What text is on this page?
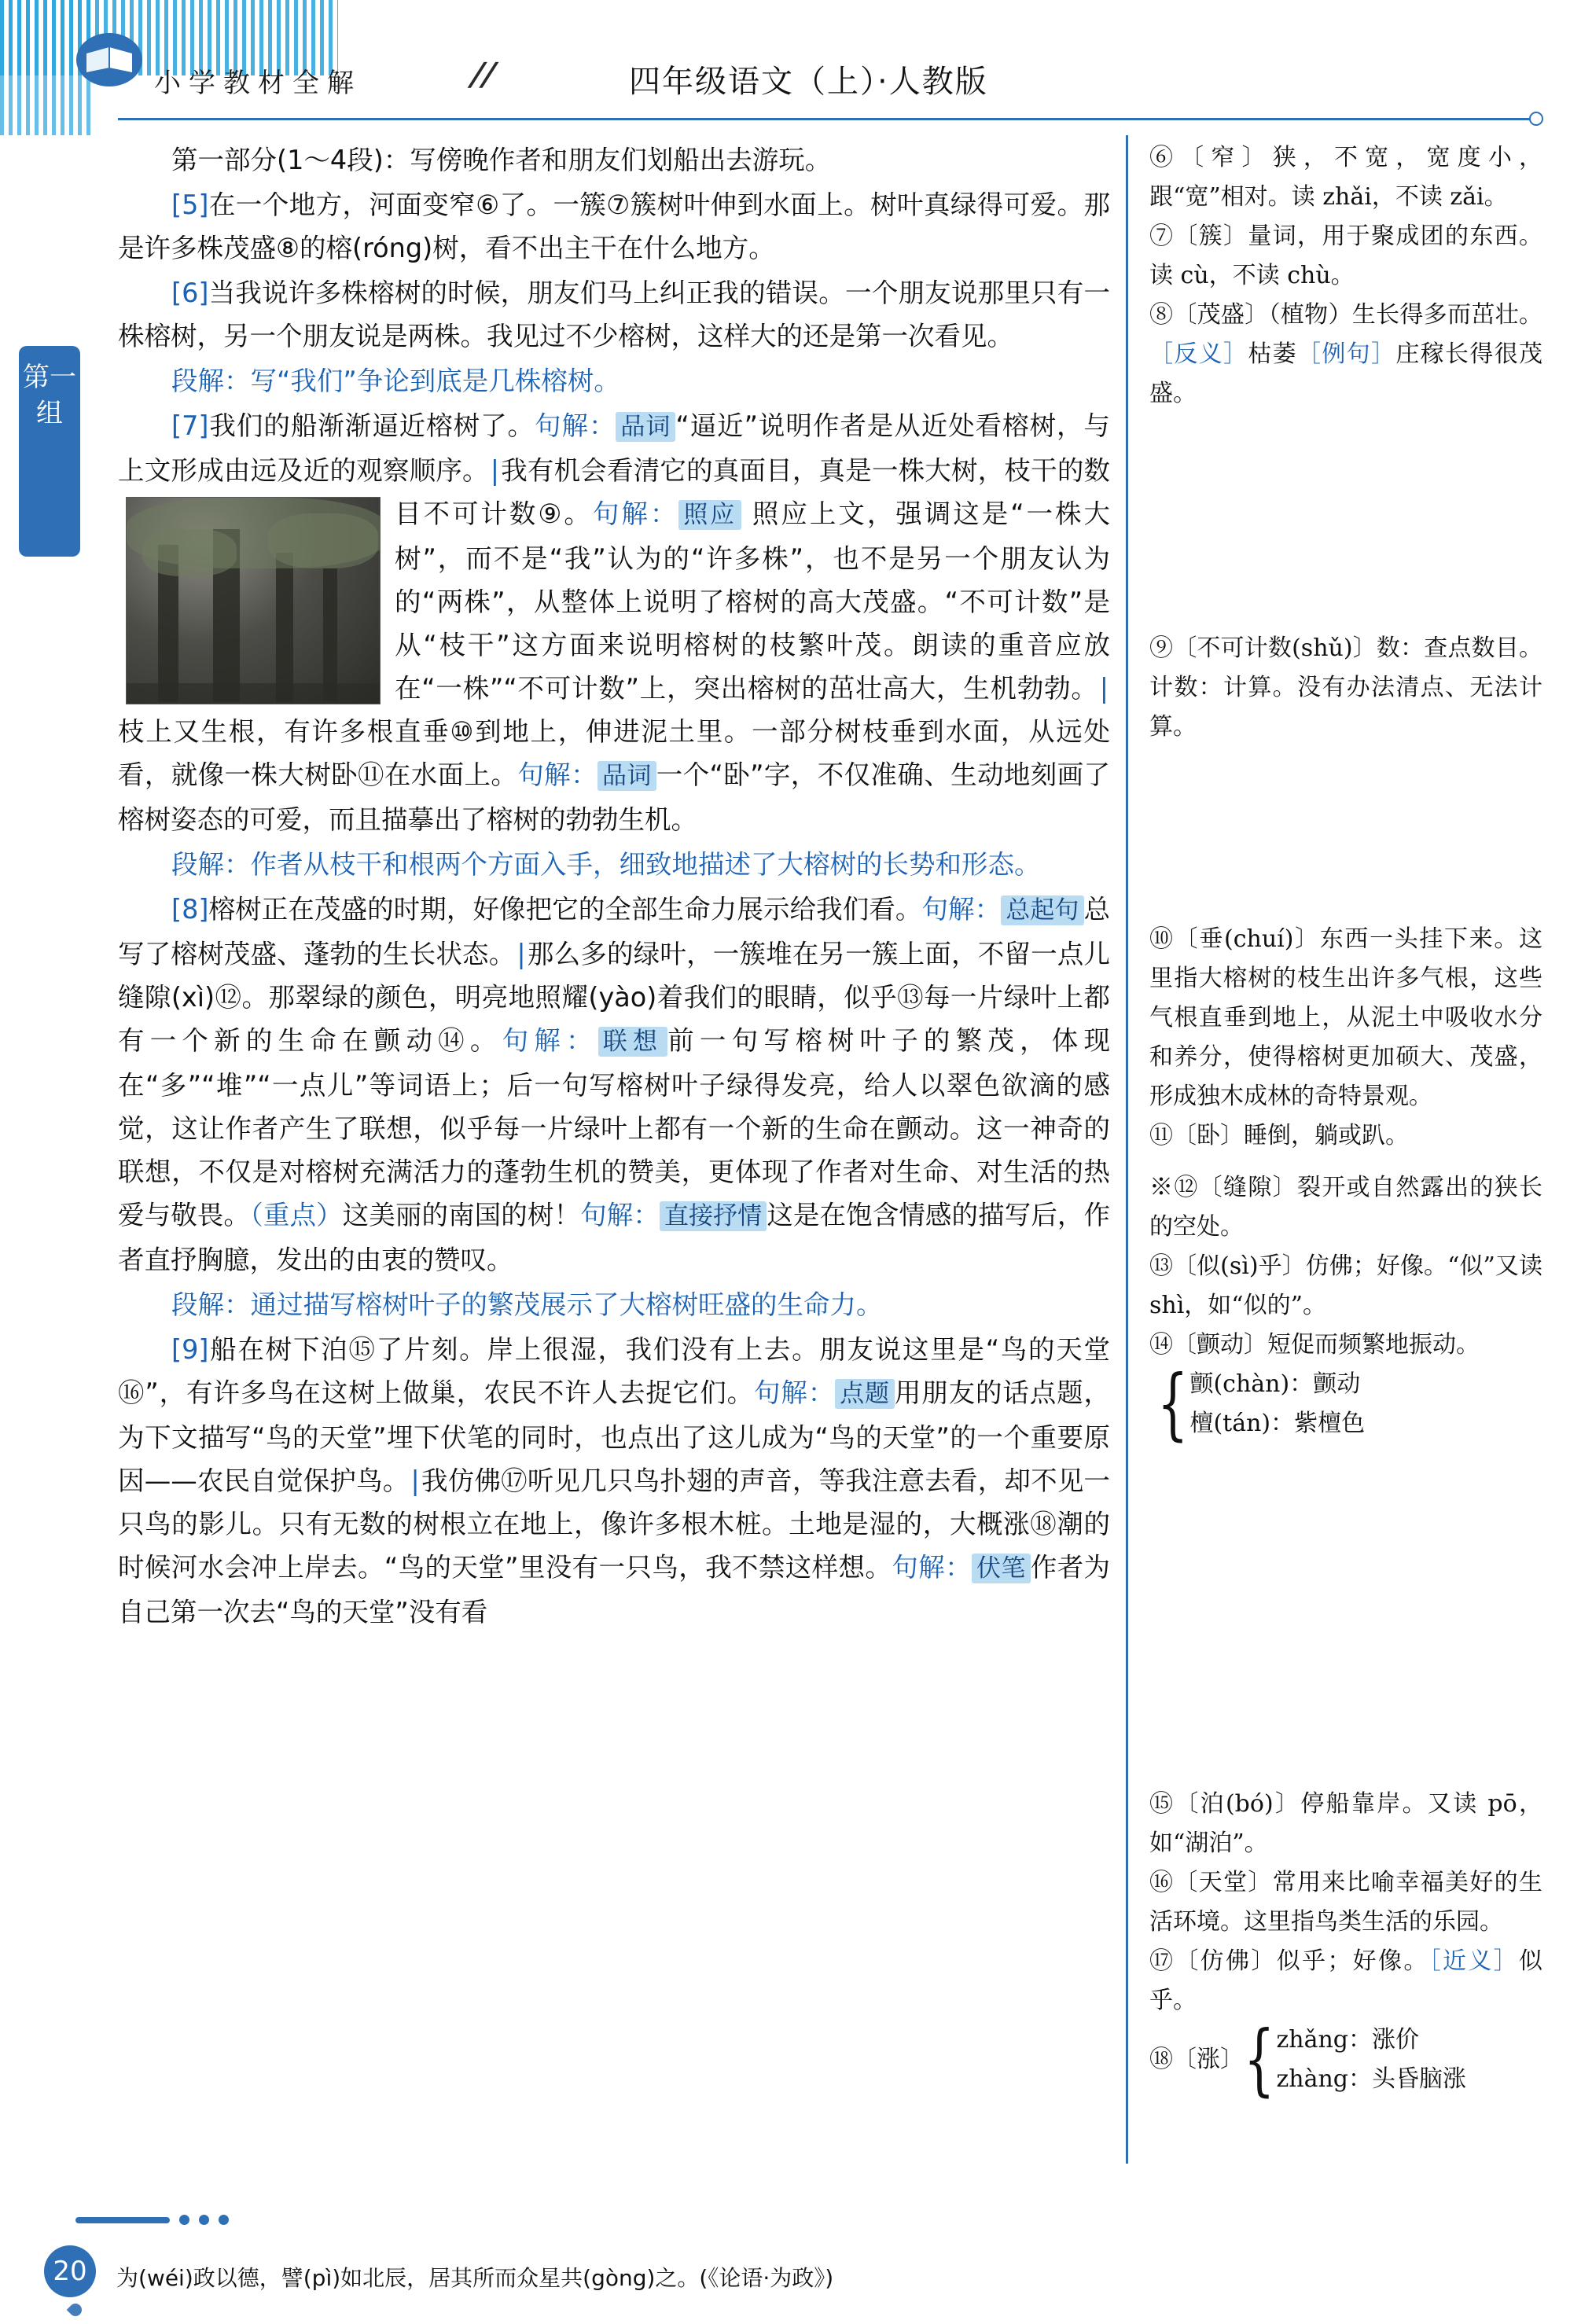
小学教材全解	//	四年级语文（上）·人教版
第一组

第一部分(1～4段)：写傍晚作者和朋友们划船出去游玩。

[5]在一个地方，河面变窄⑥了。一簇⑦簇树叶伸到水面上。树叶真绿得可爱。那是许多株茂盛⑧的榕(róng)树，看不出主干在什么地方。

[6]当我说许多株榕树的时候，朋友们马上纠正我的错误。一个朋友说那里只有一株榕树，另一个朋友说是两株。我见过不少榕树，这样大的还是第一次看见。

段解：写“我们”争论到底是几株榕树。

[7]我们的船渐渐逼近榕树了。句解： 品词 “逼近”说明作者是从近处看榕树，与上文形成由远及近的观察顺序。|我有机会看清它的真面目，真是一株大树，枝干的数目不可计数⑨。句解： 照应 照应上文，强调这是“一株大树”，而不是“我”认为的“许多株”，也不是另一个朋友认为的“两株”，从整体上说明了榕树的高大茂盛。“不可计数”是从“枝干”这方面来说明榕树的枝繁叶茂。朗读的重音应放在“一株”“不可计数”上，突出榕树的茁壮高大，生机勃勃。|枝上又生根，有许多根直垂⑩到地上，伸进泥土里。一部分树枝垂到水面，从远处看，就像一株大树卧⑪在水面上。句解： 品词 一个“卧”字，不仅准确、生动地刻画了榕树姿态的可爱，而且描摹出了榕树的勃勃生机。

段解：作者从枝干和根两个方面入手，细致地描述了大榕树的长势和形态。

[8]榕树正在茂盛的时期，好像把它的全部生命力展示给我们看。句解： 总起句 总写了榕树茂盛、蓬勃的生长状态。|那么多的绿叶，一簇堆在另一簇上面，不留一点儿缝隙(xì)⑫。那翠绿的颜色，明亮地照耀(yào)着我们的眼睛，似乎⑬每一片绿叶上都有一个新的生命在颤动⑭。句解： 联想 前一句写榕树叶子的繁茂，体现在“多”“堆”“一点儿”等词语上；后一句写榕树叶子绿得发亮，给人以翠色欲滴的感觉，这让作者产生了联想，似乎每一片绿叶上都有一个新的生命在颤动。这一神奇的联想，不仅是对榕树充满活力的蓬勃生机的赞美，更体现了作者对生命、对生活的热爱与敬畏。（重点）这美丽的南国的树！句解： 直接抒情 这是在饱含情感的描写后，作者直抒胸臆，发出的由衷的赞叹。

段解：通过描写榕树叶子的繁茂展示了大榕树旺盛的生命力。

[9]船在树下泊⑮了片刻。岸上很湿，我们没有上去。朋友说这里是“鸟的天堂⑯”，有许多鸟在这树上做巢，农民不许人去捉它们。句解： 点题 用朋友的话点题，为下文描写“鸟的天堂”埋下伏笔的同时，也点出了这儿成为“鸟的天堂”的一个重要原因——农民自觉保护鸟。|我仿佛⑰听见几只鸟扑翅的声音，等我注意去看，却不见一只鸟的影儿。只有无数的树根立在地上，像许多根木桩。土地是湿的，大概涨⑱潮的时候河水会冲上岸去。“鸟的天堂”里没有一只鸟，我不禁这样想。句解： 伏笔 作者为自己第一次去“鸟的天堂”没有看

⑥〔窄〕狭，不宽，宽度小，跟“宽”相对。读 zhǎi，不读 zǎi。
⑦〔簇〕量词，用于聚成团的东西。读 cù，不读 chù。
⑧〔茂盛〕（植物）生长得多而茁壮。［反义］枯萎［例句］庄稼长得很茂盛。
⑨〔不可计数(shǔ)〕数：查点数目。计数：计算。没有办法清点、无法计算。
⑩〔垂(chuí)〕东西一头挂下来。这里指大榕树的枝生出许多气根，这些气根直垂到地上，从泥土中吸收水分和养分，使得榕树更加硕大、茂盛，形成独木成林的奇特景观。
⑪〔卧〕睡倒，躺或趴。
※⑫〔缝隙〕裂开或自然露出的狭长的空处。
⑬〔似(sì)乎〕仿佛；好像。“似”又读 shì，如“似的”。
⑭〔颤动〕短促而频繁地振动。
{ 颤(chàn)：颤动
檀(tán)：紫檀色
⑮〔泊(bó)〕停船靠岸。又读 pō，如“湖泊”。
⑯〔天堂〕常用来比喻幸福美好的生活环境。这里指鸟类生活的乐园。
⑰〔仿佛〕似乎；好像。［近义］似乎。
⑱ 〔涨〕 { zhǎng：涨价
zhàng：头昏脑涨
20	为(wéi)政以德，譬(pì)如北辰，居其所而众星共(gòng)之。(《论语·为政》)
